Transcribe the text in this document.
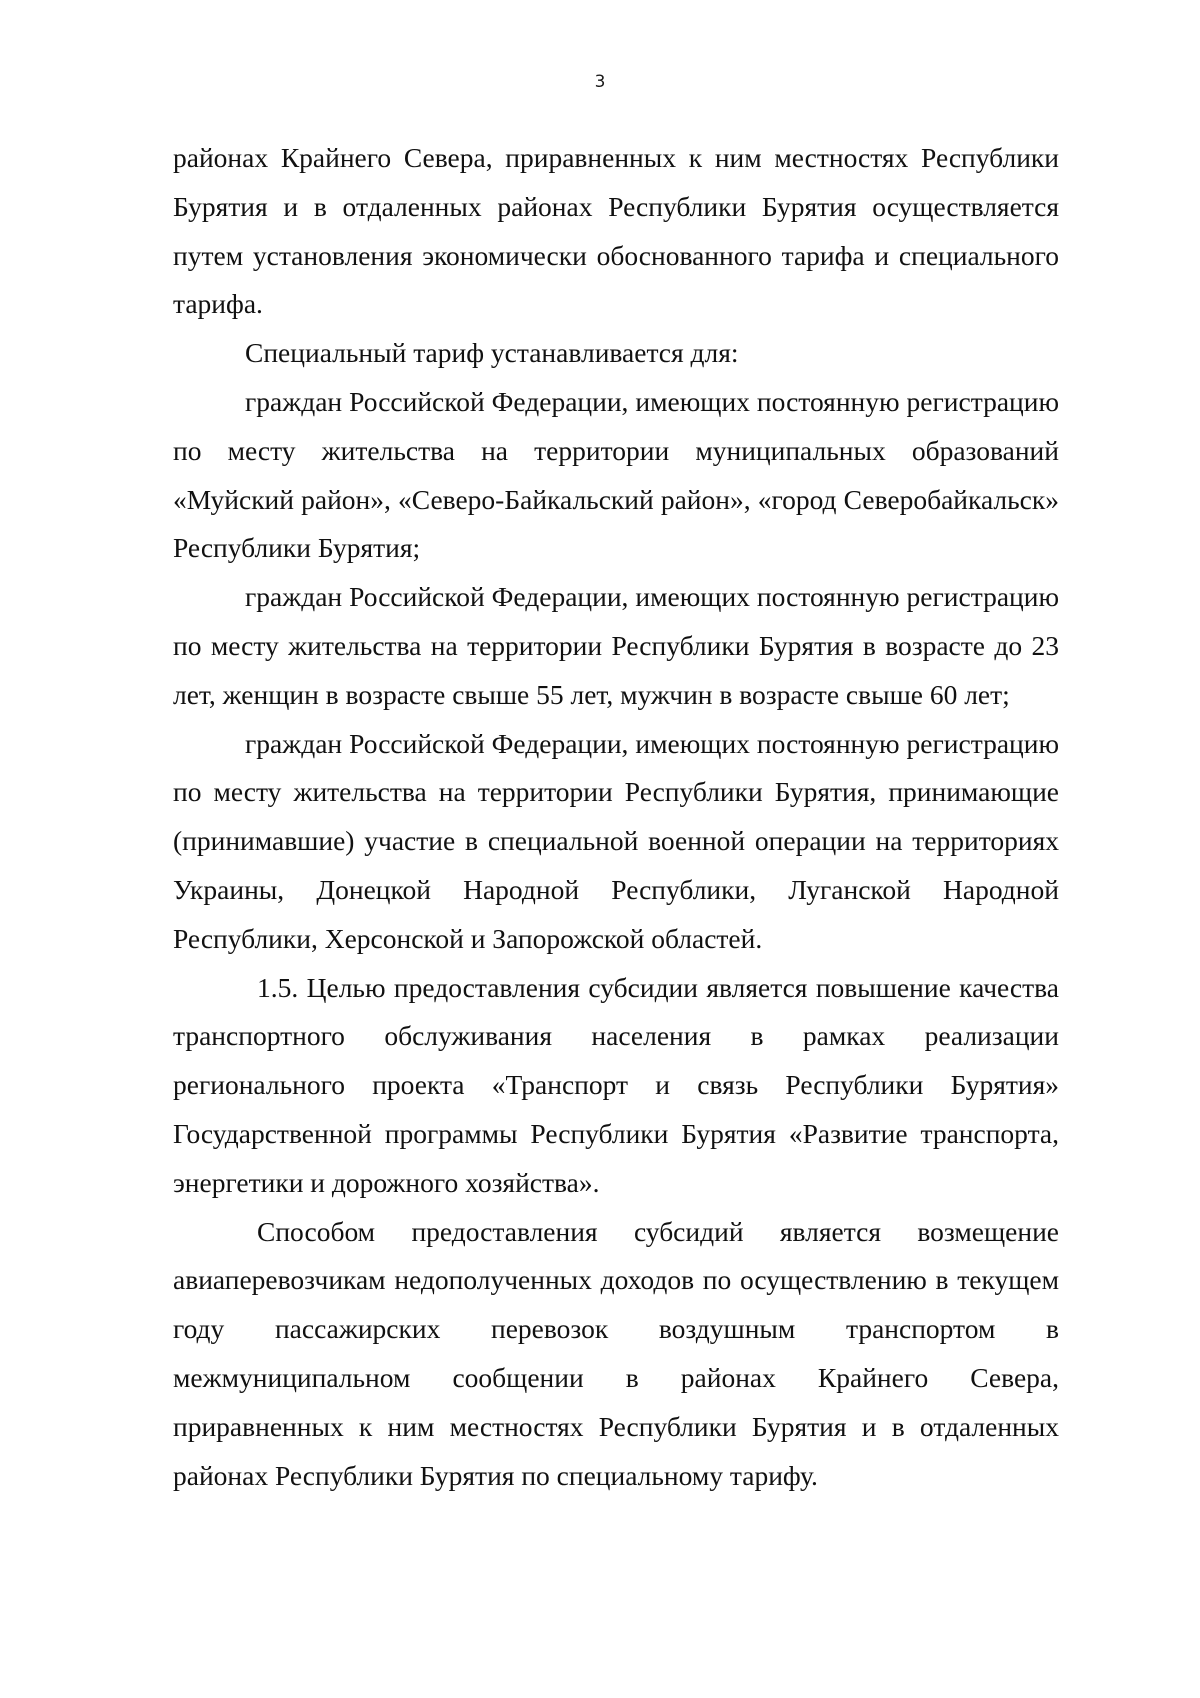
3

районах Крайнего Севера, приравненных к ним местностях Республики Бурятия и в отдаленных районах Республики Бурятия осуществляется путем установления экономически обоснованного тарифа и специального тарифа.

Специальный тариф устанавливается для:

граждан Российской Федерации, имеющих постоянную регистрацию по месту жительства на территории муниципальных образований «Муйский район», «Северо-Байкальский район», «город Северобайкальск» Республики Бурятия;

граждан Российской Федерации, имеющих постоянную регистрацию по месту жительства на территории Республики Бурятия в возрасте до 23 лет, женщин в возрасте свыше 55 лет, мужчин в возрасте свыше 60 лет;

граждан Российской Федерации, имеющих постоянную регистрацию по месту жительства на территории Республики Бурятия, принимающие (принимавшие) участие в специальной военной операции на территориях Украины, Донецкой Народной Республики, Луганской Народной Республики, Херсонской и Запорожской областей.

1.5. Целью предоставления субсидии является повышение качества транспортного обслуживания населения в рамках реализации регионального проекта «Транспорт и связь Республики Бурятия» Государственной программы Республики Бурятия «Развитие транспорта, энергетики и дорожного хозяйства».

Способом предоставления субсидий является возмещение авиаперевозчикам недополученных доходов по осуществлению в текущем году пассажирских перевозок воздушным транспортом в межмуниципальном сообщении в районах Крайнего Севера, приравненных к ним местностях Республики Бурятия и в отдаленных районах Республики Бурятия по специальному тарифу.
